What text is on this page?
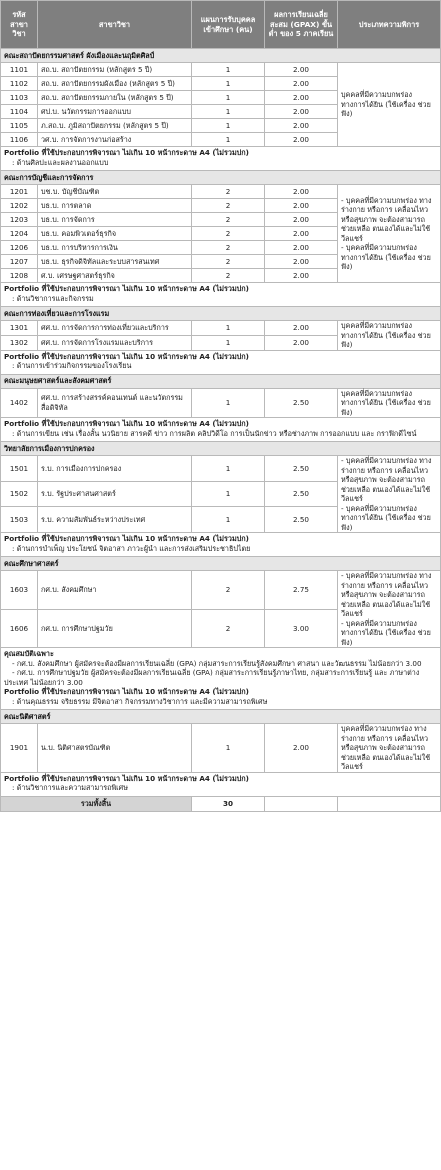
รหัส สาขาวิชา	สาขาวิชา	แผนการรับบุคคล เข้าศึกษา (คน)	ผลการเรียนเฉลี่ย สะสม (GPAX) ขั้นต่ำ ของ 5 ภาคเรียน	ประเภทความพิการ
คณะสถาปัตยกรรมศาสตร์ ผังเมืองและนฤมิตศิลป์				
1101	สถ.บ. สถาปัตยกรรม (หลักสูตร 5 ปี)	1	2.00	บุคคลที่มีความบกพร่อง ทางการได้ยิน (ใช้เครื่อง ช่วยฟัง)

1102	สถ.บ. สถาปัตยกรรมผังเมือง (หลักสูตร 5 ปี)	1	2.00	
1103	สถ.บ. สถาปัตยกรรมภายใน (หลักสูตร 5 ปี)	1	2.00	
1104	ศป.บ. นวัตกรรมการออกแบบ	1	2.00	
1105	ภ.สถ.บ. ภูมิสถาปัตยกรรม (หลักสูตร 5 ปี)	1	2.00	
1106	วศ.บ. การจัดการงานก่อสร้าง	1	2.00	

Portfolio ที่ใช้ประกอบการพิจารณา ไม่เกิน 10 หน้ากระดาษ A4 (ไม่รวมปก)
: ด้านศิลปะและผลงานออกแบบ				

คณะการบัญชีและการจัดการ				
1201	บช.บ. บัญชีบัณฑิต	2	2.00	- บุคคลที่มีความบกพร่อง ทางร่างกาย หรือการ เคลื่อนไหว หรือสุขภาพ จะต้องสามารถช่วยเหลือ ตนเองได้และไม่ใช้ วีลแชร์
- บุคคลที่มีความบกพร่อง ทางการได้ยิน (ใช้เครื่อง ช่วยฟัง)

1202	บธ.บ. การตลาด	2	2.00	
1203	บธ.บ. การจัดการ	2	2.00	
1204	บธ.บ. คอมพิวเตอร์ธุรกิจ	2	2.00	
1206	บธ.บ. การบริหารการเงิน	2	2.00	
1207	บธ.บ. ธุรกิจดิจิทัลและระบบสารสนเทศ	2	2.00	
1208	ศ.บ. เศรษฐศาสตร์ธุรกิจ	2	2.00	

Portfolio ที่ใช้ประกอบการพิจารณา ไม่เกิน 10 หน้ากระดาษ A4 (ไม่รวมปก)
: ด้านวิชาการและกิจกรรม				

คณะการท่องเที่ยวและการโรงแรม				
1301	ศศ.บ. การจัดการการท่องเที่ยวและบริการ	1	2.00	บุคคลที่มีความบกพร่อง ทางการได้ยิน (ใช้เครื่อง ช่วยฟัง)

1302	ศศ.บ. การจัดการโรงแรมและบริการ	1	2.00	

Portfolio ที่ใช้ประกอบการพิจารณา ไม่เกิน 10 หน้ากระดาษ A4 (ไม่รวมปก)
: ด้านการเข้าร่วมกิจกรรมของโรงเรียน				

คณะมนุษยศาสตร์และสังคมศาสตร์				
1402	ศศ.บ. การสร้างสรรค์คอนเทนต์ และนวัตกรรมสื่อดิจิทัล	1	2.50	บุคคลที่มีความบกพร่อง ทางการได้ยิน (ใช้เครื่อง ช่วยฟัง)

Portfolio ที่ใช้ประกอบการพิจารณา ไม่เกิน 10 หน้ากระดาษ A4 (ไม่รวมปก)
: ด้านการเขียน เช่น เรื่องสั้น นวนิยาย สารคดี ข่าว การผลิต คลิปวิดีโอ การเป็นนักข่าว หรือช่างภาพ การออกแบบ และ กราฟิกดีไซน์				

วิทยาลัยการเมืองการปกครอง				
1501	ร.บ. การเมืองการปกครอง	1	2.50	- บุคคลที่มีความบกพร่อง ทางร่างกาย หรือการ เคลื่อนไหว หรือสุขภาพ จะต้องสามารถช่วยเหลือ ตนเองได้และไม่ใช้ วีลแชร์
- บุคคลที่มีความบกพร่อง ทางการได้ยิน (ใช้เครื่อง ช่วยฟัง)

1502	ร.บ. รัฐประศาสนศาสตร์	1	2.50	
1503	ร.บ. ความสัมพันธ์ระหว่างประเทศ	1	2.50	

Portfolio ที่ใช้ประกอบการพิจารณา ไม่เกิน 10 หน้ากระดาษ A4 (ไม่รวมปก)
: ด้านการบำเพ็ญ ประโยชน์ จิตอาสา ภาวะผู้นำ และการส่งเสริมประชาธิปไตย				

คณะศึกษาศาสตร์				
1603	กศ.บ. สังคมศึกษา	2	2.75	- บุคคลที่มีความบกพร่อง ทางร่างกาย หรือการ เคลื่อนไหว หรือสุขภาพ จะต้องสามารถช่วยเหลือ ตนเองได้และไม่ใช้ วีลแชร์
- บุคคลที่มีความบกพร่อง ทางการได้ยิน (ใช้เครื่อง ช่วยฟัง)

1606	กศ.บ. การศึกษาปฐมวัย	2	3.00	

คุณสมบัติเฉพาะ
- กศ.บ. สังคมศึกษา ผู้สมัครจะต้องมีผลการเรียนเฉลี่ย (GPA) กลุ่มสาระการเรียนรู้สังคมศึกษา ศาสนา และวัฒนธรรม ไม่น้อยกว่า 3.00
- กศ.บ. การศึกษาปฐมวัย ผู้สมัครจะต้องมีผลการเรียนเฉลี่ย (GPA) กลุ่มสาระการเรียนรู้ภาษาไทย, กลุ่มสาระการเรียนรู้ และ ภาษาต่างประเทศ ไม่น้อยกว่า 3.00
Portfolio ที่ใช้ประกอบการพิจารณา ไม่เกิน 10 หน้ากระดาษ A4 (ไม่รวมปก)
: ด้านคุณธรรม จริยธรรม มีจิตอาสา กิจกรรมทางวิชาการ และมีความสามารถพิเศษ				

คณะนิติศาสตร์				
1901	น.บ. นิติศาสตรบัณฑิต	1	2.00	บุคคลที่มีความบกพร่อง ทางร่างกาย หรือการ เคลื่อนไหว หรือสุขภาพ จะต้องสามารถช่วยเหลือ ตนเองได้และไม่ใช้วีลแชร์

Portfolio ที่ใช้ประกอบการพิจารณา ไม่เกิน 10 หน้ากระดาษ A4 (ไม่รวมปก)
: ด้านวิชาการและความสามารถพิเศษ				

รวมทั้งสิ้น		30		
